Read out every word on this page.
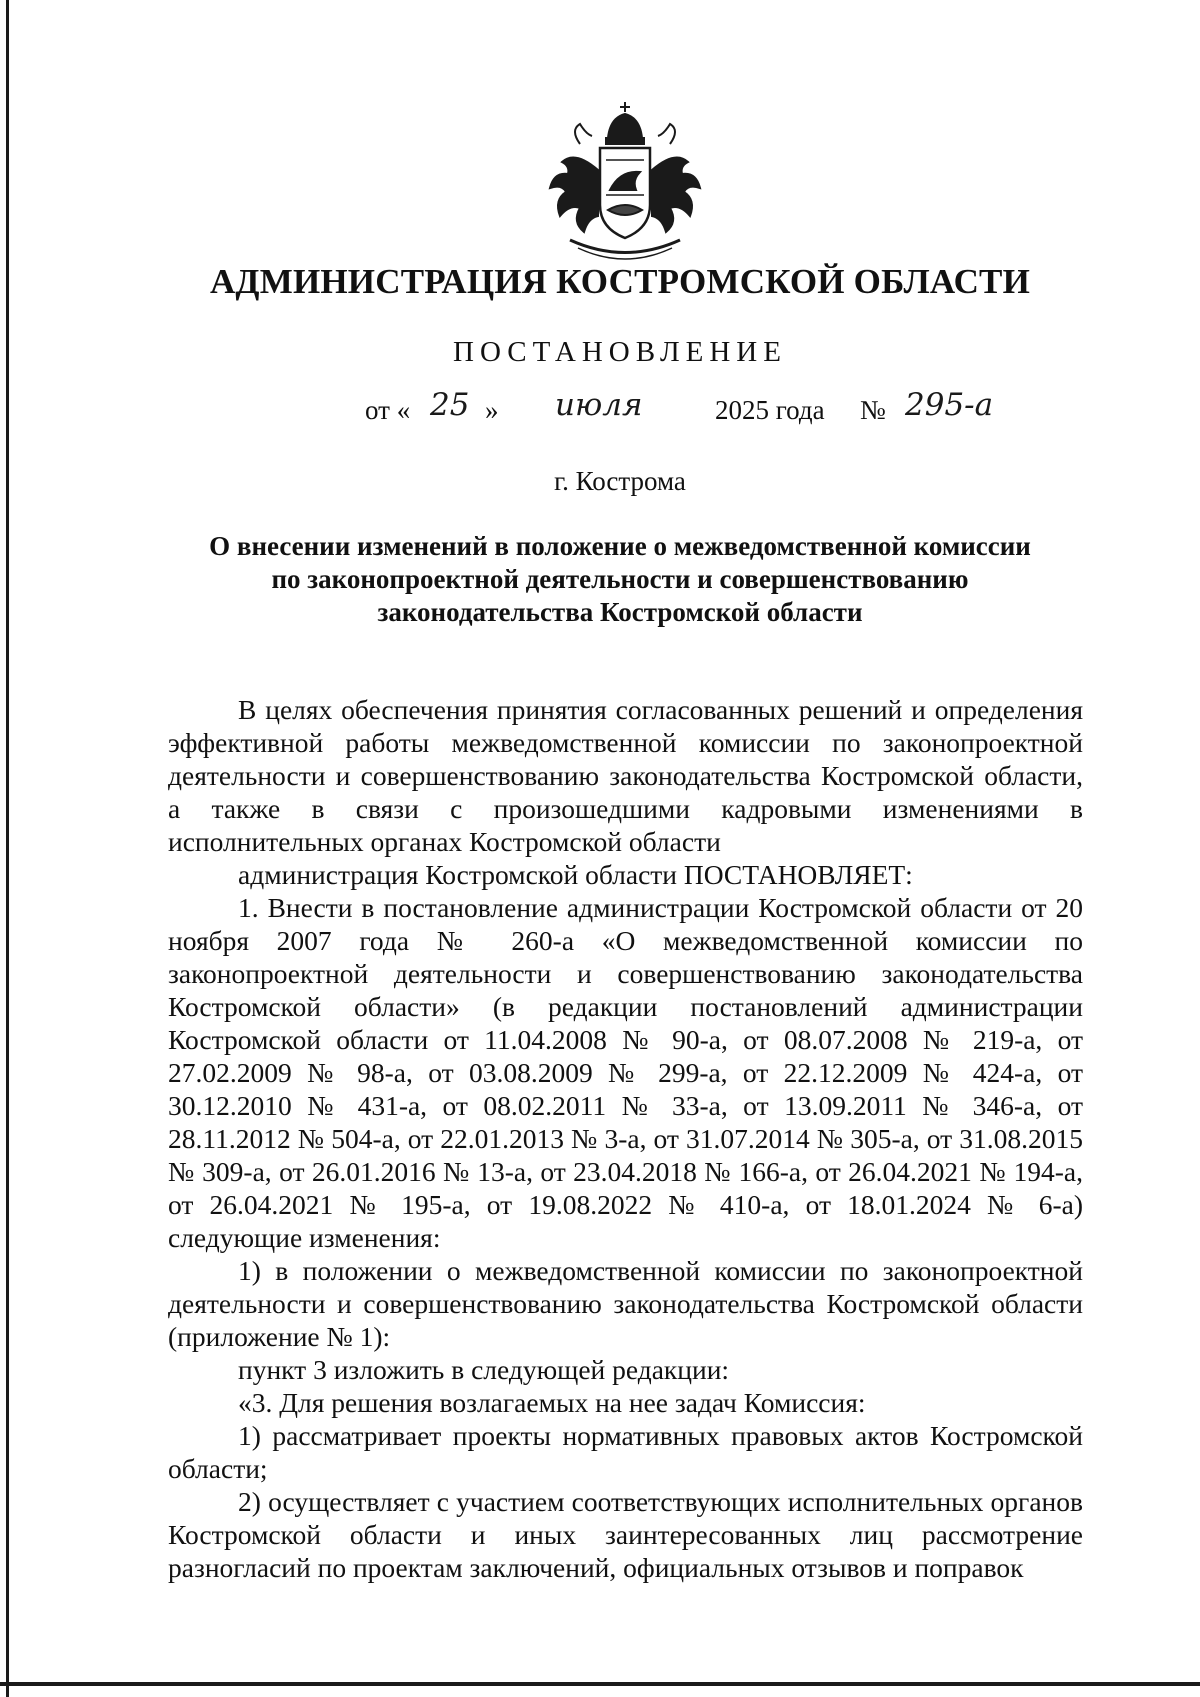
АДМИНИСТРАЦИЯ КОСТРОМСКОЙ ОБЛАСТИ
ПОСТАНОВЛЕНИЕ
от « 25 » июля	2025 года № 295-а
г. Кострома
О внесении изменений в положение о межведомственной комиссии
по законопроектной деятельности и совершенствованию
законодательства Костромской области

В целях обеспечения принятия согласованных решений и определения эффективной работы межведомственной комиссии по законопроектной деятельности и совершенствованию законодательства Костромской области, а также в связи с произошедшими кадровыми изменениями в исполнительных органах Костромской области

администрация Костромской области ПОСТАНОВЛЯЕТ:

1. Внести в постановление администрации Костромской области от 20 ноября 2007 года № 260-а «О межведомственной комиссии по законопроектной деятельности и совершенствованию законодательства Костромской области» (в редакции постановлений администрации Костромской области от 11.04.2008 № 90-а, от 08.07.2008 № 219-а, от 27.02.2009 № 98-а, от 03.08.2009 № 299-а, от 22.12.2009 № 424-а, от 30.12.2010 № 431-а, от 08.02.2011 № 33-а, от 13.09.2011 № 346-а, от 28.11.2012 № 504-а, от 22.01.2013 № 3-а, от 31.07.2014 № 305-а, от 31.08.2015 № 309-а, от 26.01.2016 № 13-а, от 23.04.2018 № 166-а, от 26.04.2021 № 194-а, от 26.04.2021 № 195-а, от 19.08.2022 № 410-а, от 18.01.2024 № 6-а) следующие изменения:

1) в положении о межведомственной комиссии по законопроектной деятельности и совершенствованию законодательства Костромской области (приложение № 1):

пункт 3 изложить в следующей редакции:

«3. Для решения возлагаемых на нее задач Комиссия:

1) рассматривает проекты нормативных правовых актов Костромской области;

2) осуществляет с участием соответствующих исполнительных органов Костромской области и иных заинтересованных лиц рассмотрение разногласий по проектам заключений, официальных отзывов и поправок
